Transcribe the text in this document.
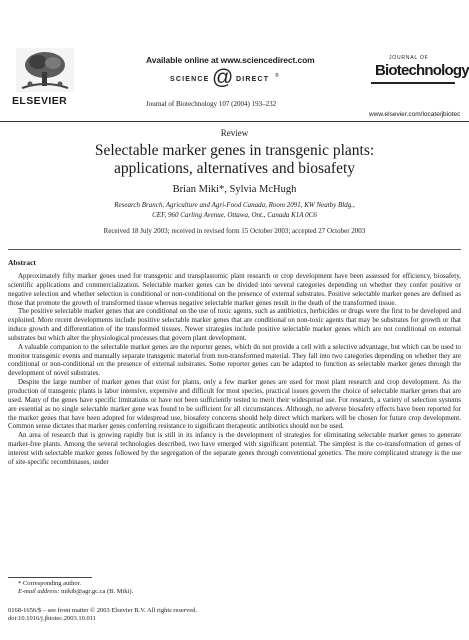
ELSEVIER
Available online at www.sciencedirect.com
SCIENCE @ DIRECT ®
Journal of Biotechnology 107 (2004) 193–232
JOURNAL OF
Biotechnology
www.elsevier.com/locate/jbiotec
Review
Selectable marker genes in transgenic plants:
applications, alternatives and biosafety
Brian Miki*, Sylvia McHugh
Research Branch, Agriculture and Agri-Food Canada, Room 2091, KW Neatby Bldg.,
CEF, 960 Carling Avenue, Ottawa, Ont., Canada K1A 0C6
Received 18 July 2003; received in revised form 15 October 2003; accepted 27 October 2003
Abstract

Approximately fifty marker genes used for transgenic and transplastomic plant research or crop development have been assessed for efficiency, biosafety, scientific applications and commercialization. Selectable marker genes can be divided into several categories depending on whether they confer positive or negative selection and whether selection is conditional or non-conditional on the presence of external substrates. Positive selectable marker genes are defined as those that promote the growth of transformed tissue whereas negative selectable marker genes result in the death of the transformed tissue.

The positive selectable marker genes that are conditional on the use of toxic agents, such as antibiotics, herbicides or drugs were the first to be developed and exploited. More recent developments include positive selectable marker genes that are conditional on non-toxic agents that may be substrates for growth or that induce growth and differentiation of the transformed tissues. Newer strategies include positive selectable marker genes which are not conditional on external substrates but which alter the physiological processes that govern plant development.

A valuable companion to the selectable marker genes are the reporter genes, which do not provide a cell with a selective advantage, but which can be used to monitor transgenic events and manually separate transgenic material from non-transformed material. They fall into two categories depending on whether they are conditional or non-conditional on the presence of external substrates. Some reporter genes can be adapted to function as selectable marker genes through the development of novel substrates.

Despite the large number of marker genes that exist for plants, only a few marker genes are used for most plant research and crop development. As the production of transgenic plants is labor intensive, expensive and difficult for most species, practical issues govern the choice of selectable marker genes that are used. Many of the genes have specific limitations or have not been sufficiently tested to merit their widespread use. For research, a variety of selection systems are essential as no single selectable marker gene was found to be sufficient for all circumstances. Although, no adverse biosafety effects have been reported for the marker genes that have been adopted for widespread use, biosafety concerns should help direct which markers will be chosen for future crop development. Common sense dictates that marker genes conferring resistance to significant therapeutic antibiotics should not be used.

An area of research that is growing rapidly but is still in its infancy is the development of strategies for eliminating selectable marker genes to generate marker-free plants. Among the several technologies described, two have emerged with significant potential. The simplest is the co-transformation of genes of interest with selectable marker genes followed by the segregation of the separate genes through conventional genetics. The more complicated strategy is the use of site-specific recombinases, under

* Corresponding author.
E-mail address: mikib@agr.gc.ca (B. Miki).
0168-1656/$ – see front matter © 2003 Elsevier B.V. All rights reserved.
doi:10.1016/j.jbiotec.2003.10.011
